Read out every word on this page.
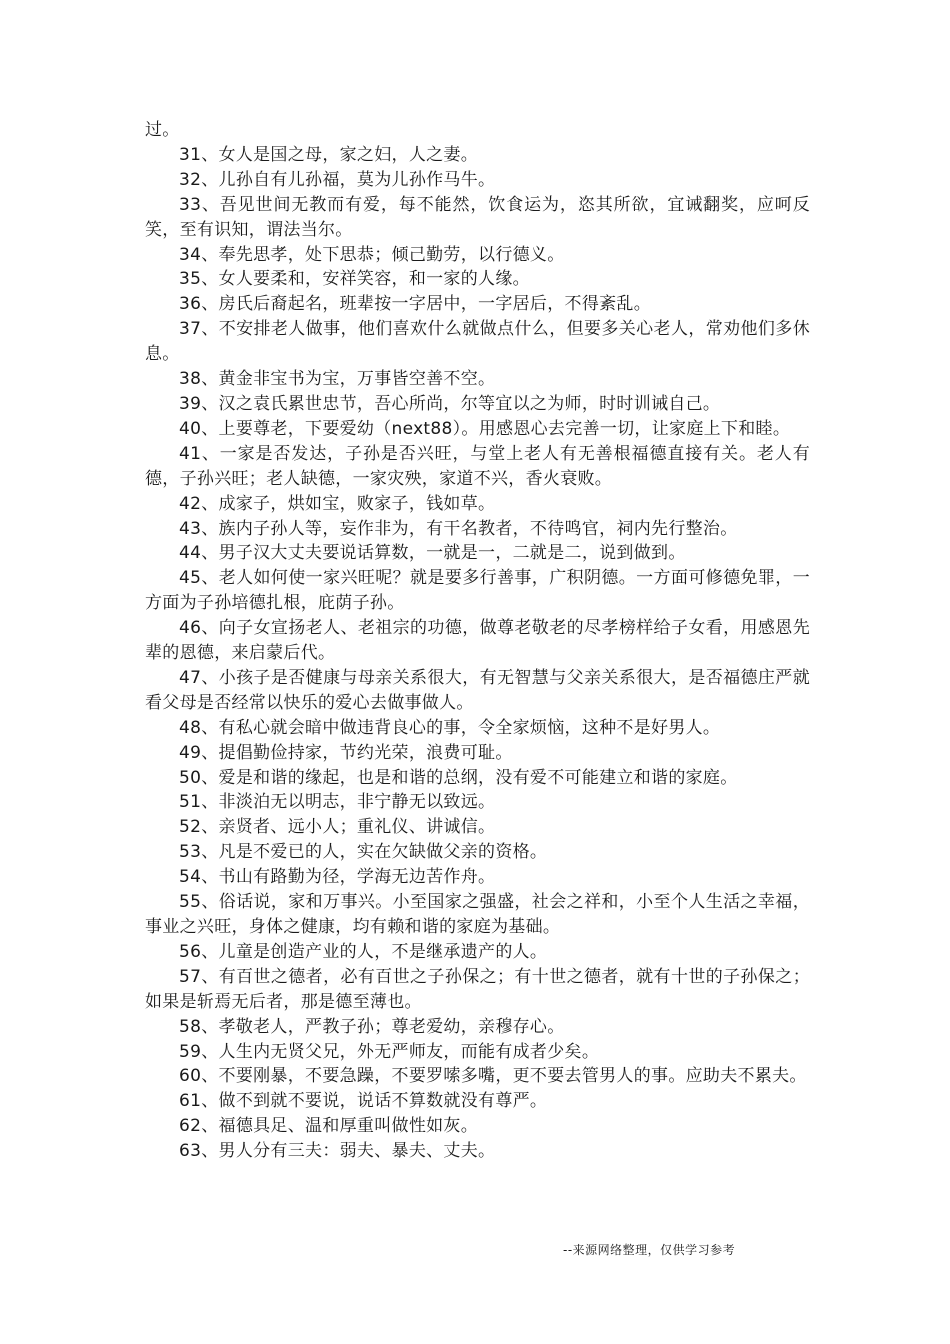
过。

31、女人是国之母，家之妇，人之妻。

32、儿孙自有儿孙福，莫为儿孙作马牛。

33、吾见世间无教而有爱，每不能然，饮食运为，恣其所欲，宜诫翻奖，应呵反笑，至有识知，谓法当尔。

34、奉先思孝，处下思恭；倾己勤劳，以行德义。

35、女人要柔和，安祥笑容，和一家的人缘。

36、房氏后裔起名，班辈按一字居中，一字居后，不得紊乱。

37、不安排老人做事，他们喜欢什么就做点什么，但要多关心老人，常劝他们多休息。

38、黄金非宝书为宝，万事皆空善不空。

39、汉之袁氏累世忠节，吾心所尚，尔等宜以之为师，时时训诫自己。

40、上要尊老，下要爱幼（next88）。用感恩心去完善一切，让家庭上下和睦。

41、一家是否发达，子孙是否兴旺，与堂上老人有无善根福德直接有关。老人有德，子孙兴旺；老人缺德，一家灾殃，家道不兴，香火衰败。

42、成家子，烘如宝，败家子，钱如草。

43、族内子孙人等，妄作非为，有干名教者，不待鸣官，祠内先行整治。

44、男子汉大丈夫要说话算数，一就是一，二就是二，说到做到。

45、老人如何使一家兴旺呢？就是要多行善事，广积阴德。一方面可修德免罪，一方面为子孙培德扎根，庇荫子孙。

46、向子女宣扬老人、老祖宗的功德，做尊老敬老的尽孝榜样给子女看，用感恩先辈的恩德，来启蒙后代。

47、小孩子是否健康与母亲关系很大，有无智慧与父亲关系很大，是否福德庄严就看父母是否经常以快乐的爱心去做事做人。

48、有私心就会暗中做违背良心的事，令全家烦恼，这种不是好男人。

49、提倡勤俭持家，节约光荣，浪费可耻。

50、爱是和谐的缘起，也是和谐的总纲，没有爱不可能建立和谐的家庭。

51、非淡泊无以明志，非宁静无以致远。

52、亲贤者、远小人；重礼仪、讲诚信。

53、凡是不爱已的人，实在欠缺做父亲的资格。

54、书山有路勤为径，学海无边苦作舟。

55、俗话说，家和万事兴。小至国家之强盛，社会之祥和，小至个人生活之幸福，事业之兴旺，身体之健康，均有赖和谐的家庭为基础。

56、儿童是创造产业的人，不是继承遗产的人。

57、有百世之德者，必有百世之子孙保之；有十世之德者，就有十世的子孙保之；如果是斩焉无后者，那是德至薄也。

58、孝敬老人，严教子孙；尊老爱幼，亲穆存心。

59、人生内无贤父兄，外无严师友，而能有成者少矣。

60、不要刚暴，不要急躁，不要罗嗦多嘴，更不要去管男人的事。应助夫不累夫。

61、做不到就不要说，说话不算数就没有尊严。

62、福德具足、温和厚重叫做性如灰。

63、男人分有三夫：弱夫、暴夫、丈夫。

--来源网络整理，仅供学习参考
